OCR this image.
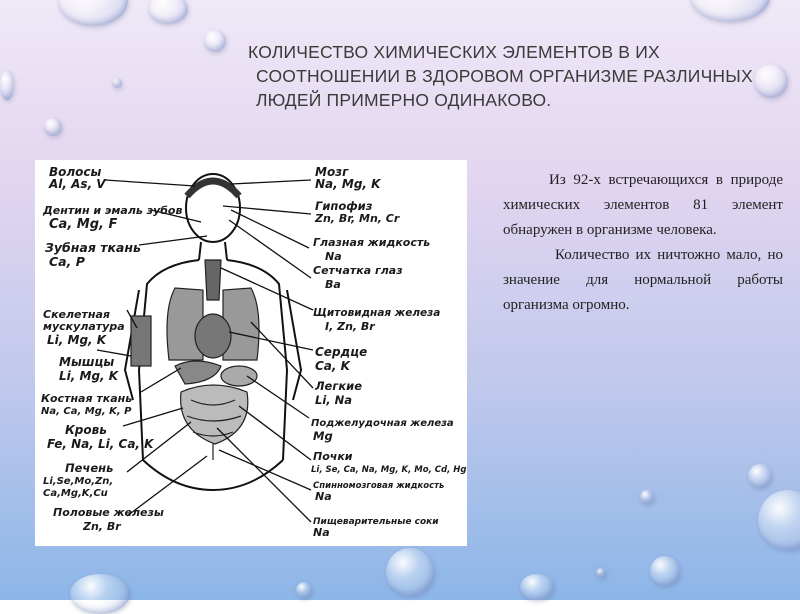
КОЛИЧЕСТВО ХИМИЧЕСКИХ ЭЛЕМЕНТОВ В ИХ
СООТНОШЕНИИ В ЗДОРОВОМ ОРГАНИЗМЕ РАЗЛИЧНЫХ
ЛЮДЕЙ ПРИМЕРНО ОДИНАКОВО.
Волосы
Al, As, V
Дентин и эмаль зубов
Ca, Mg, F
Зубная ткань
Ca, P
Скелетная
мускулатура
Li, Mg, K
Мышцы
Li, Mg, K
Костная ткань
Na, Ca, Mg, K, P
Кровь
Fe, Na, Li, Ca, K
Печень
Li,Se,Mo,Zn,
Ca,Mg,K,Cu
Половые железы
Zn, Br
Мозг
Na, Mg, K
Гипофиз
Zn, Br, Mn, Cr
Глазная жидкость
Na
Сетчатка глаз
Ba
Щитовидная железа
I, Zn, Br
Сердце
Ca, K
Легкие
Li, Na
Поджелудочная железа
Mg
Почки
Li, Se, Ca, Na, Mg, K, Mo, Cd, Hg
Спинномозговая жидкость
Na
Пищеварительные соки
Na

Из 92-х встречающихся в природе химических элементов 81 элемент обнаружен в организме человека.

Количество их ничтожно мало, но значение для нормальной работы организма огромно.
